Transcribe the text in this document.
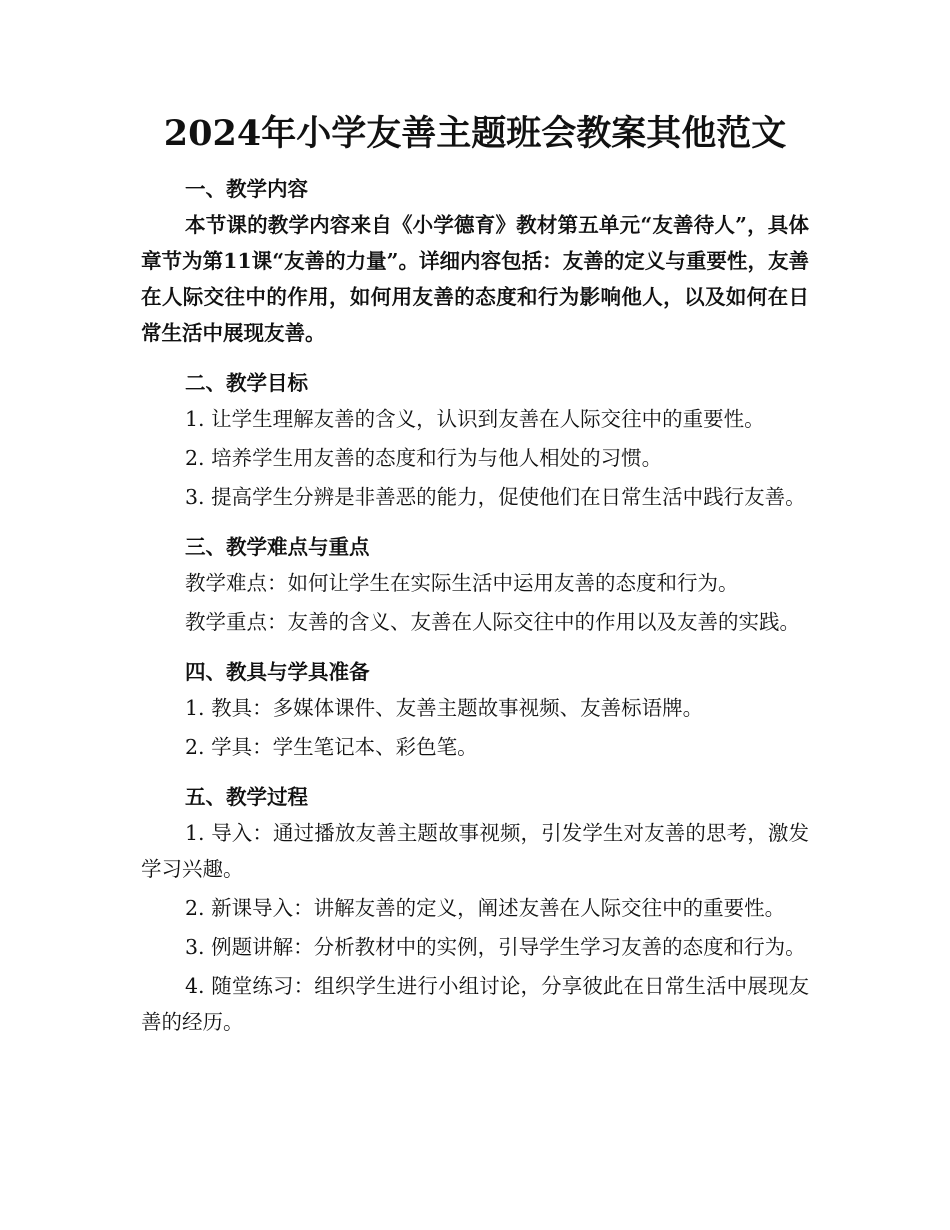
2024年小学友善主题班会教案其他范文

一、教学内容

本节课的教学内容来自《小学德育》教材第五单元“友善待人”，具体章节为第11课“友善的力量”。详细内容包括：友善的定义与重要性，友善在人际交往中的作用，如何用友善的态度和行为影响他人，以及如何在日常生活中展现友善。

二、教学目标

1. 让学生理解友善的含义，认识到友善在人际交往中的重要性。

2. 培养学生用友善的态度和行为与他人相处的习惯。

3. 提高学生分辨是非善恶的能力，促使他们在日常生活中践行友善。

三、教学难点与重点

教学难点：如何让学生在实际生活中运用友善的态度和行为。

教学重点：友善的含义、友善在人际交往中的作用以及友善的实践。

四、教具与学具准备

1. 教具：多媒体课件、友善主题故事视频、友善标语牌。

2. 学具：学生笔记本、彩色笔。

五、教学过程

1. 导入：通过播放友善主题故事视频，引发学生对友善的思考，激发学习兴趣。

2. 新课导入：讲解友善的定义，阐述友善在人际交往中的重要性。

3. 例题讲解：分析教材中的实例，引导学生学习友善的态度和行为。

4. 随堂练习：组织学生进行小组讨论，分享彼此在日常生活中展现友善的经历。
